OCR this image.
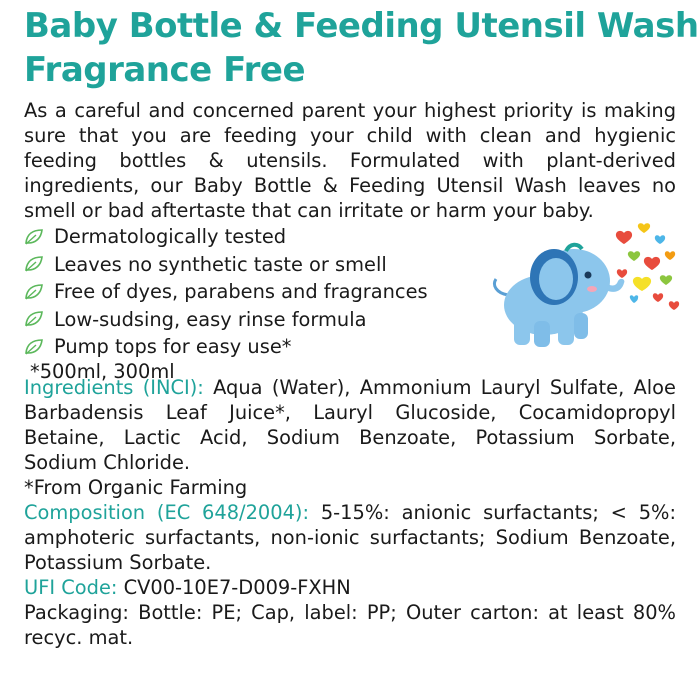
Baby Bottle & Feeding Utensil Wash
Fragrance Free

As a careful and concerned parent your highest priority is making sure that you are feeding your child with clean and hygienic feeding bottles & utensils. Formulated with plant-derived ingredients, our Baby Bottle & Feeding Utensil Wash leaves no smell or bad aftertaste that can irritate or harm your baby.

Dermatologically tested
Leaves no synthetic taste or smell
Free of dyes, parabens and fragrances
Low-sudsing, easy rinse formula
Pump tops for easy use*
*500ml, 300ml

Ingredients (INCI): Aqua (Water), Ammonium Lauryl Sulfate, Aloe Barbadensis Leaf Juice*, Lauryl Glucoside, Cocamidopropyl Betaine, Lactic Acid, Sodium Benzoate, Potassium Sorbate, Sodium Chloride.
*From Organic Farming

Composition (EC 648/2004): 5-15%: anionic surfactants; < 5%: amphoteric surfactants, non-ionic surfactants; Sodium Benzoate, Potassium Sorbate.

UFI Code: CV00-10E7-D009-FXHN

Packaging: Bottle: PE; Cap, label: PP; Outer carton: at least 80% recyc. mat.
